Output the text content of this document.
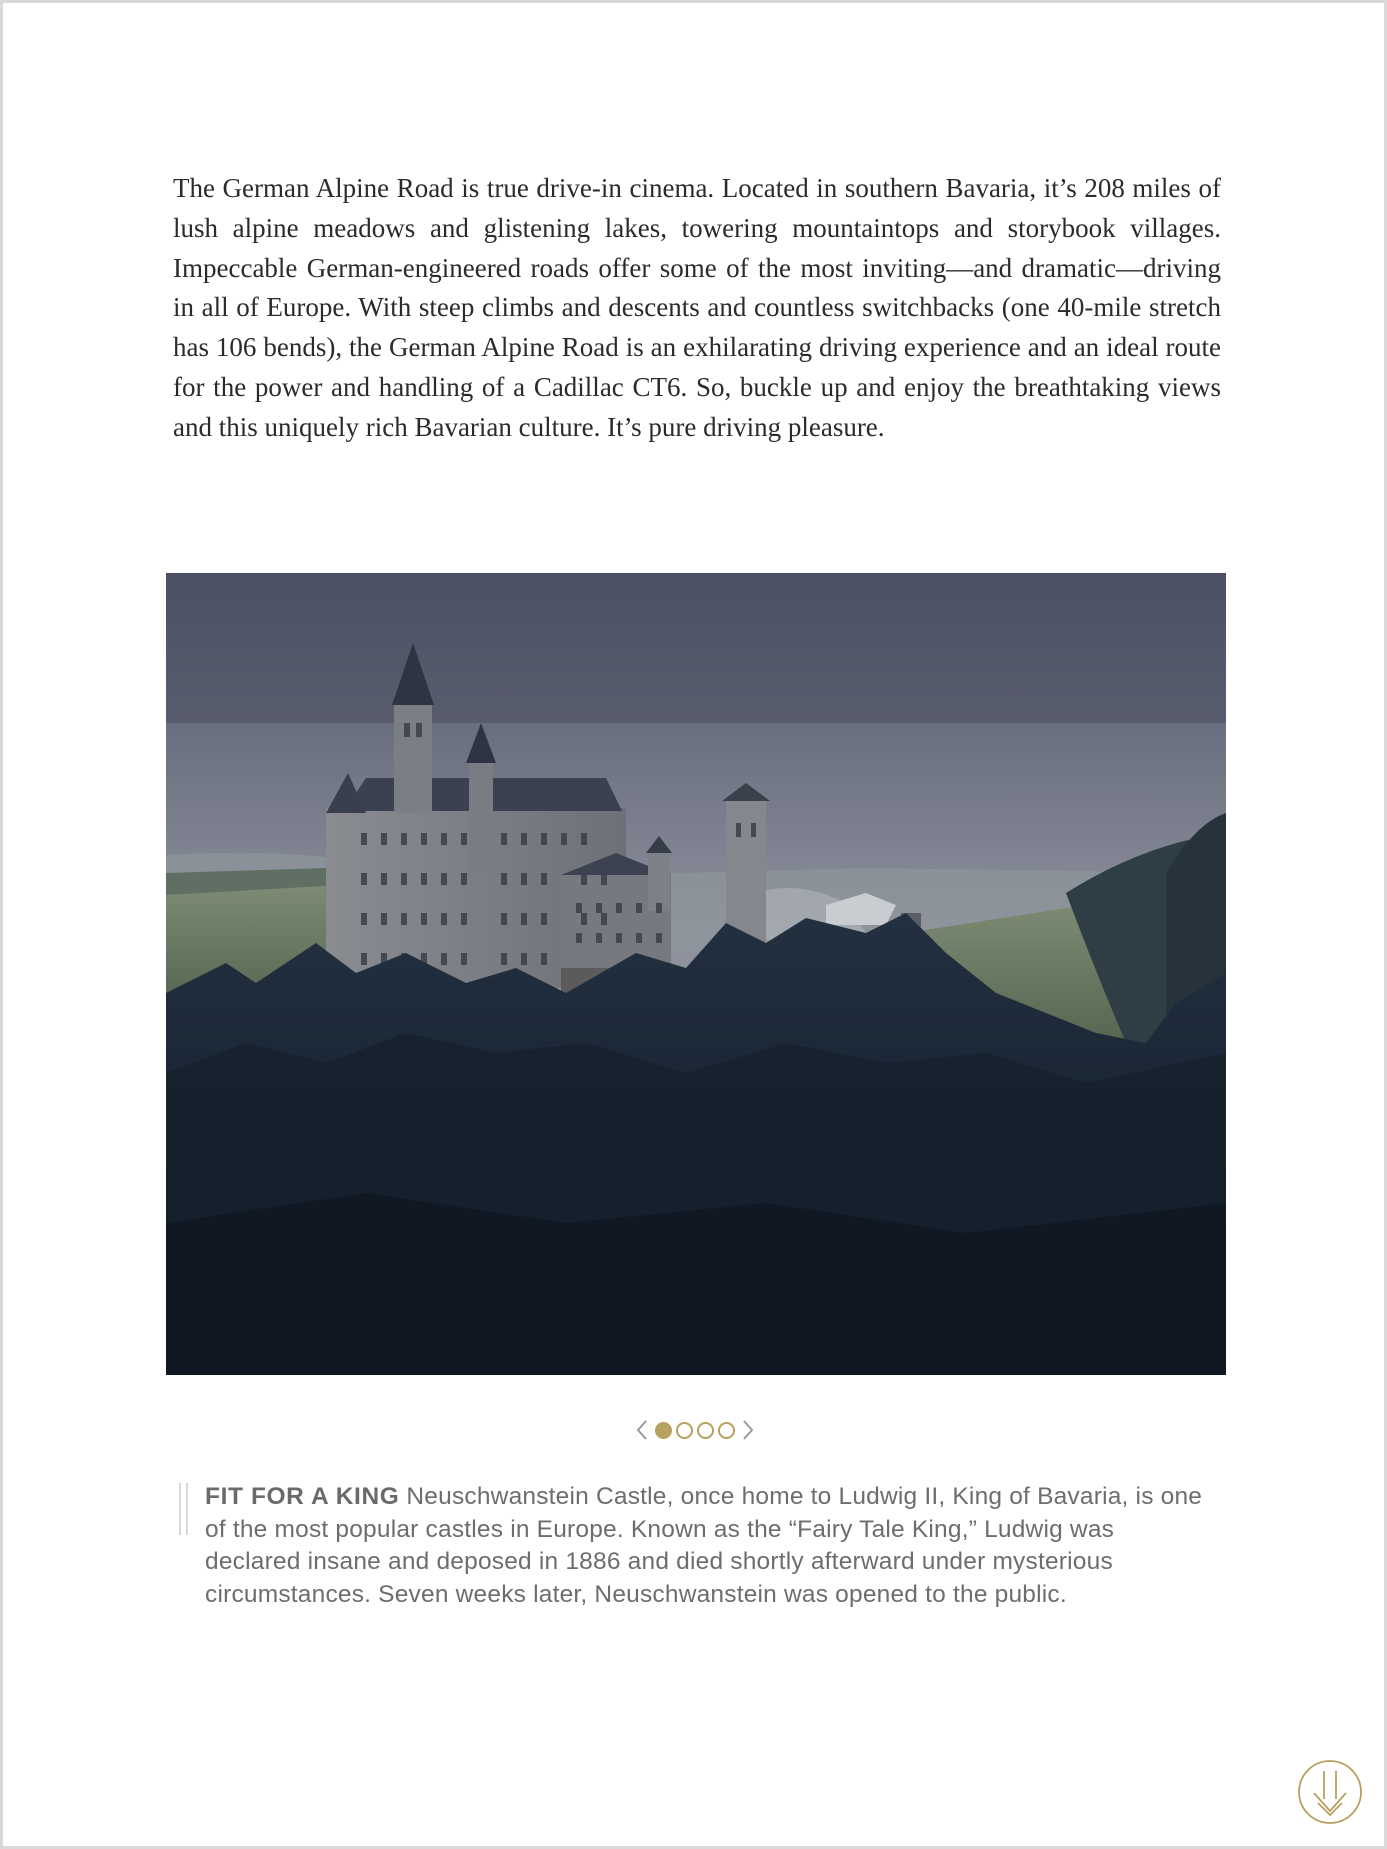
The German Alpine Road is true drive-in cinema. Located in southern Bavaria, it’s 208 miles of lush alpine meadows and glistening lakes, towering mountaintops and storybook villages. Impeccable German-engineered roads offer some of the most inviting—and dramatic—driving in all of Europe. With steep climbs and descents and countless switchbacks (one 40-mile stretch has 106 bends), the German Alpine Road is an exhilarating driving experience and an ideal route for the power and handling of a Cadillac CT6. So, buckle up and enjoy the breathtaking views and this uniquely rich Bavarian culture. It’s pure driving pleasure.

FIT FOR A KING Neuschwanstein Castle, once home to Ludwig II, King of Bavaria, is one of the most popular castles in Europe. Known as the “Fairy Tale King,” Ludwig was declared insane and deposed in 1886 and died shortly afterward under mysterious circumstances. Seven weeks later, Neuschwanstein was opened to the public.
